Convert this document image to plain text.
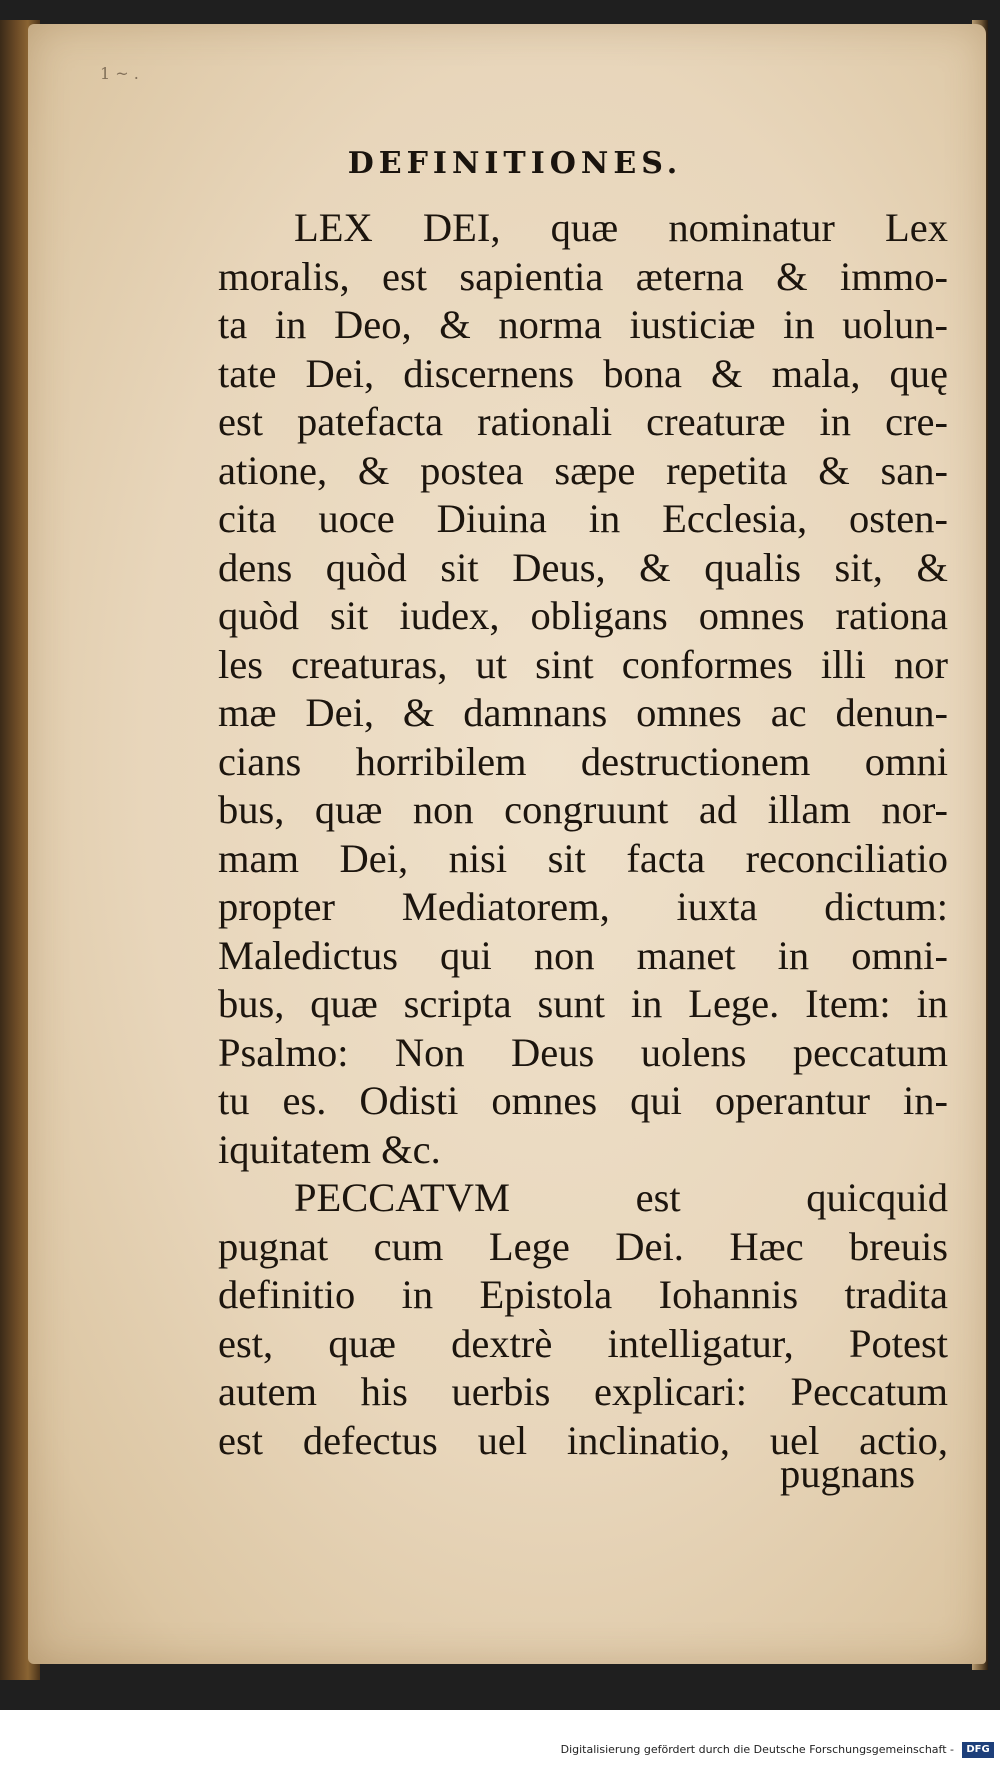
1 ~ .
DEFINITIONES.
LEX DEI, quæ nominatur Lex
moralis, est sapientia æterna & immo-
ta in Deo, & norma iusticiæ in uolun-
tate Dei, discernens bona & mala, quę
est patefacta rationali creaturæ in cre-
atione, & postea sæpe repetita & san-
cita uoce Diuina in Ecclesia, osten-
dens quòd sit Deus, & qualis sit, &
quòd sit iudex, obligans omnes rationa
les creaturas, ut sint conformes illi nor
mæ Dei, & damnans omnes ac denun-
cians horribilem destructionem omni
bus, quæ non congruunt ad illam nor-
mam Dei, nisi sit facta reconciliatio
propter Mediatorem, iuxta dictum:
Maledictus qui non manet in omni-
bus, quæ scripta sunt in Lege. Item: in
Psalmo: Non Deus uolens peccatum
tu es. Odisti omnes qui operantur in-
iquitatem &c.
PECCATVM est quicquid
pugnat cum Lege Dei. Hæc breuis
definitio in Epistola Iohannis tradita
est, quæ dextrè intelligatur, Potest
autem his uerbis explicari: Peccatum
est defectus uel inclinatio, uel actio,
pugnans
Digitalisierung gefördert durch die Deutsche Forschungsgemeinschaft -	DFG
